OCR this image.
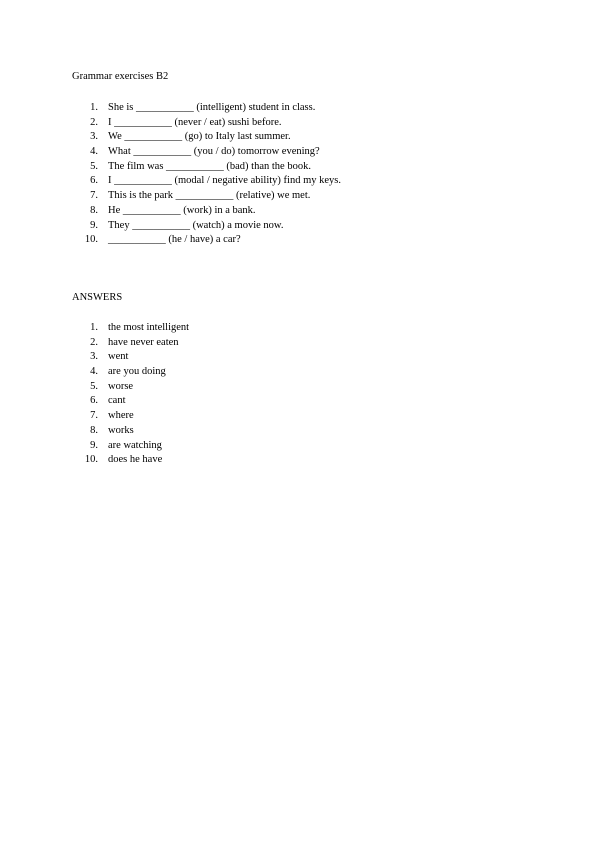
Grammar exercises B2
1. She is ___________ (intelligent) student in class.
2. I ___________ (never / eat) sushi before.
3. We ___________ (go) to Italy last summer.
4. What ___________ (you / do) tomorrow evening?
5. The film was ___________ (bad) than the book.
6. I ___________ (modal / negative ability) find my keys.
7. This is the park ___________ (relative) we met.
8. He ___________ (work) in a bank.
9. They ___________ (watch) a movie now.
10. ___________ (he / have) a car?
ANSWERS
1. the most intelligent
2. have never eaten
3. went
4. are you doing
5. worse
6. cant
7. where
8. works
9. are watching
10. does he have
